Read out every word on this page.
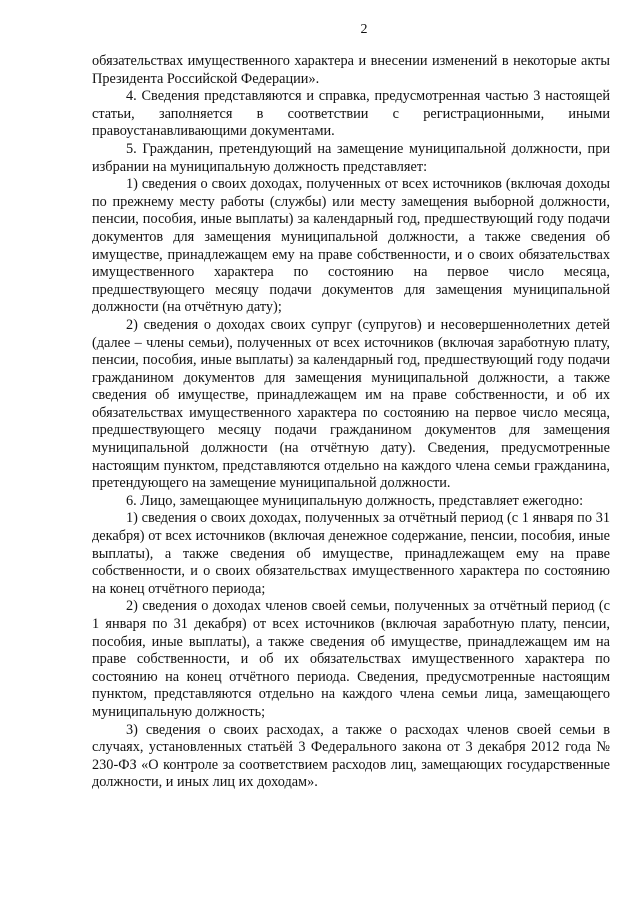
2

обязательствах имущественного характера и внесении изменений в некоторые акты Президента Российской Федерации».

4. Сведения представляются и справка, предусмотренная частью 3 настоящей статьи, заполняется в соответствии с регистрационными, иными правоустанавливающими документами.

5. Гражданин, претендующий на замещение муниципальной должности, при избрании на муниципальную должность представляет:

1) сведения о своих доходах, полученных от всех источников (включая доходы по прежнему месту работы (службы) или месту замещения выборной должности, пенсии, пособия, иные выплаты) за календарный год, предшествующий году подачи документов для замещения муниципальной должности, а также сведения об имуществе, принадлежащем ему на праве собственности, и о своих обязательствах имущественного характера по состоянию на первое число месяца, предшествующего месяцу подачи документов для замещения муниципальной должности (на отчётную дату);

2) сведения о доходах своих супруг (супругов) и несовершеннолетних детей (далее – члены семьи), полученных от всех источников (включая заработную плату, пенсии, пособия, иные выплаты) за календарный год, предшествующий году подачи гражданином документов для замещения муниципальной должности, а также сведения об имуществе, принадлежащем им на праве собственности, и об их обязательствах имущественного характера по состоянию на первое число месяца, предшествующего месяцу подачи гражданином документов для замещения муниципальной должности (на отчётную дату). Сведения, предусмотренные настоящим пунктом, представляются отдельно на каждого члена семьи гражданина, претендующего на замещение муниципальной должности.

6. Лицо, замещающее муниципальную должность, представляет ежегодно:

1) сведения о своих доходах, полученных за отчётный период (с 1 января по 31 декабря) от всех источников (включая денежное содержание, пенсии, пособия, иные выплаты), а также сведения об имуществе, принадлежащем ему на праве собственности, и о своих обязательствах имущественного характера по состоянию на конец отчётного периода;

2) сведения о доходах членов своей семьи, полученных за отчётный период (с 1 января по 31 декабря) от всех источников (включая заработную плату, пенсии, пособия, иные выплаты), а также сведения об имуществе, принадлежащем им на праве собственности, и об их обязательствах имущественного характера по состоянию на конец отчётного периода. Сведения, предусмотренные настоящим пунктом, представляются отдельно на каждого члена семьи лица, замещающего муниципальную должность;

3) сведения о своих расходах, а также о расходах членов своей семьи в случаях, установленных статьёй 3 Федерального закона от 3 декабря 2012 года № 230-ФЗ «О контроле за соответствием расходов лиц, замещающих государственные должности, и иных лиц их доходам».
